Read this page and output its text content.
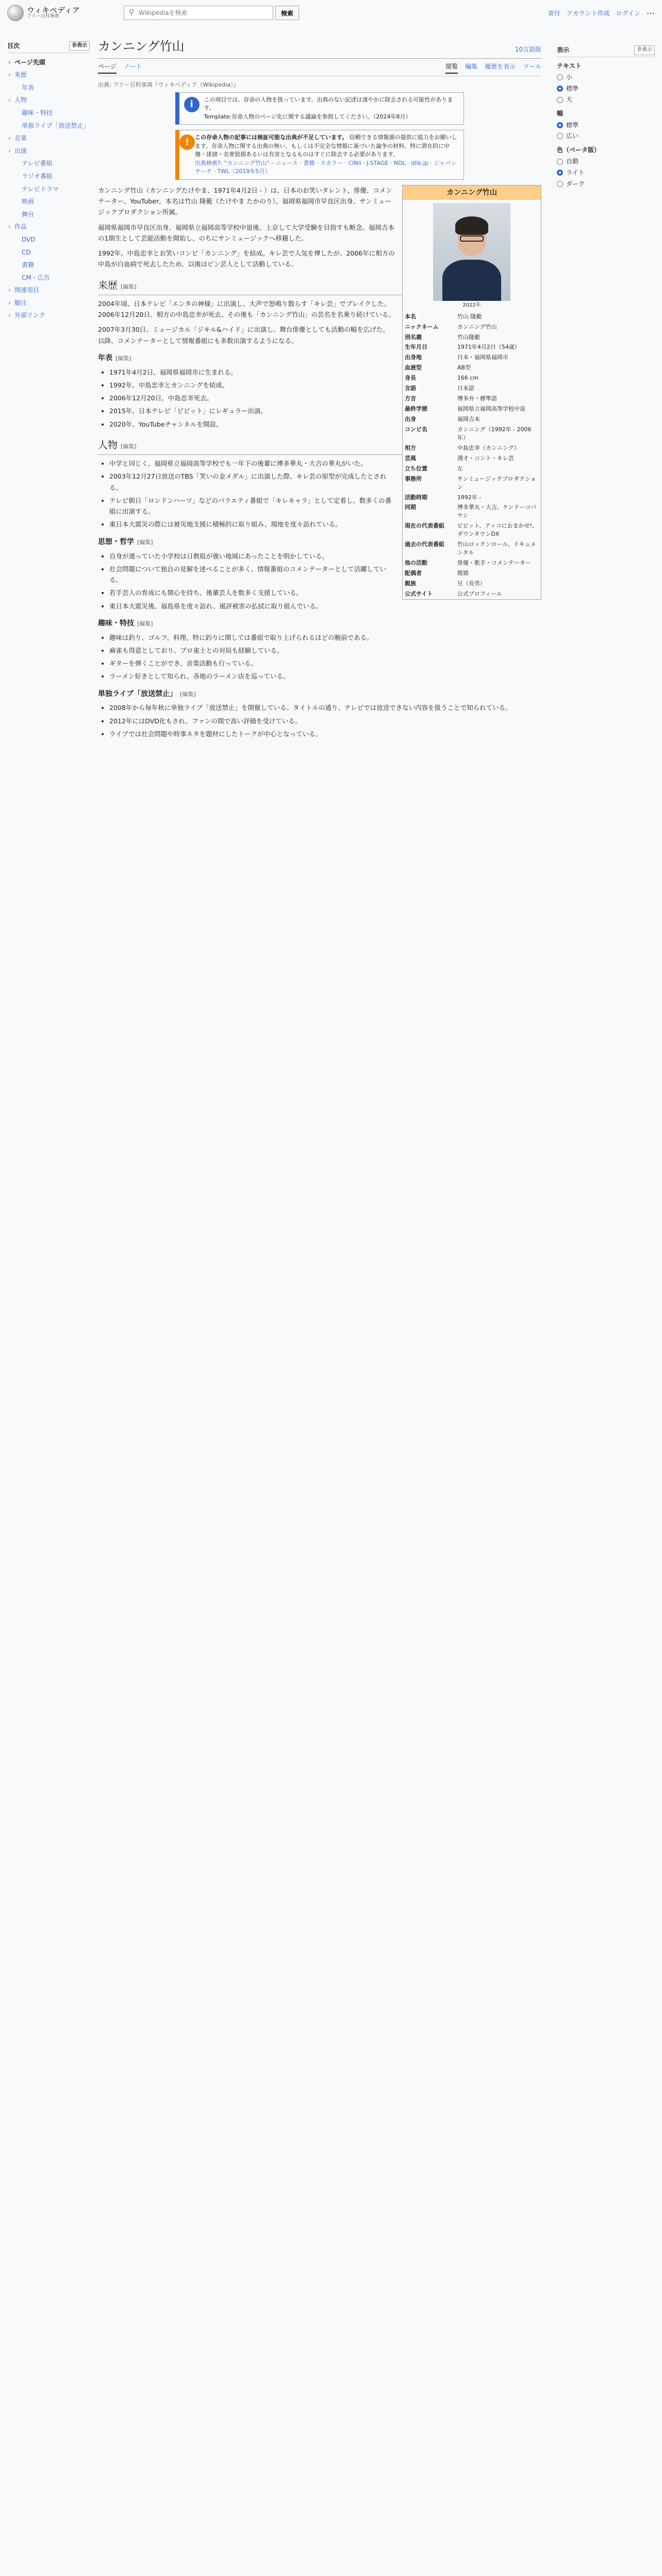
ウィキペディア
フリー百科事典
⚲
Wikipediaを検索	検索	寄付 アカウント作成 ログイン ⋯
目次	非表示
› ページ先頭
› 来歴
年表
› 人物
趣味・特技
単独ライブ「放送禁止」
› 音楽
› 出演
テレビ番組
ラジオ番組
テレビドラマ
映画
舞台
› 作品
DVD
CD
書籍
CM・広告
› 関連項目
› 脚注
› 外部リンク
カンニング竹山	10言語版
ページ ノート	閲覧 編集 履歴を表示 ツール
出典: フリー百科事典『ウィキペディア（Wikipedia）』
i	この項目では、存命の人物を扱っています。出典のない記述は速やかに除去される可能性があります。
Template:存命人物のページ化に関する議論を参照してください。（2024年8月）
! この存命人物の記事には検証可能な出典が不足しています。 信頼できる情報源の提供に協力をお願いします。存命人物に関する出典の無い、もしくは不完全な情報に基づいた論争の材料、特に潜在的に中傷・誹謗・名誉毀損あるいは有害となるものはすぐに除去する必要があります。
出典検索?: "カンニング竹山" – ニュース · 書籍 · スカラー · CiNii · J-STAGE · NDL · dlib.jp · ジャパンサーチ · TWL（2019年5月）
カンニング竹山
2022年
本名	竹山 隆範
ニックネーム	カンニング竹山
別名義	竹山隆範
生年月日	1971年4月2日（54歳）
出身地	日本・福岡県福岡市
血液型	AB型
身長	166 cm
言語	日本語
方言	博多弁・標準語
最終学歴	福岡県立福岡高等学校中退
出身	福岡吉本
コンビ名	カンニング（1992年 - 2006年）
相方	中島忠幸（カンニング）
芸風	漫才・コント・キレ芸
立ち位置	左
事務所	サンミュージックプロダクション
活動時期	1992年 -
同期	博多華丸・大吉、ケンドーコバヤシ
現在の代表番組	ビビット、アッコにおまかせ!、ダウンタウンDX
過去の代表番組	竹山ロックンロール、ドキュメンタル
他の活動	俳優・歌手・コメンテーター
配偶者	既婚
親族	兄（長男）
公式サイト	公式プロフィール

カンニング竹山（カンニングたけやま、1971年4月2日 - ）は、日本のお笑いタレント、俳優、コメンテーター、YouTuber。本名は竹山 隆範（たけやま たかのり）。福岡県福岡市早良区出身。サンミュージックプロダクション所属。

福岡県福岡市早良区出身。福岡県立福岡高等学校中退後、上京して大学受験を目指すも断念。福岡吉本の1期生として芸能活動を開始し、のちにサンミュージックへ移籍した。

1992年、中島忠幸とお笑いコンビ「カンニング」を結成。キレ芸で人気を博したが、2006年に相方の中島が白血病で死去したため、以後はピン芸人として活動している。

来歴 [編集]

2004年頃、日本テレビ「エンタの神様」に出演し、大声で怒鳴り散らす「キレ芸」でブレイクした。2006年12月20日、相方の中島忠幸が死去。その後も「カンニング竹山」の芸名を名乗り続けている。

2007年3月30日、ミュージカル「ジキル&ハイド」に出演し、舞台俳優としても活動の幅を広げた。以降、コメンテーターとして情報番組にも多数出演するようになる。

年表 [編集]
• 1971年4月2日、福岡県福岡市に生まれる。
• 1992年、中島忠幸とカンニングを結成。
• 2006年12月20日、中島忠幸死去。
• 2015年、日本テレビ「ビビット」にレギュラー出演。
• 2020年、YouTubeチャンネルを開設。
人物 [編集]
• 中学と同じく、福岡県立福岡高等学校でも一年下の後輩に博多華丸・大吉の華丸がいた。
• 2003年12月27日放送のTBS「笑いの金メダル」に出演した際、キレ芸の原型が完成したとされる。
• テレビ朝日「ロンドンハーツ」などのバラエティ番組で「キレキャラ」として定着し、数多くの番組に出演する。
• 東日本大震災の際には被災地支援に積極的に取り組み、現地を度々訪れている。
思想・哲学 [編集]
• 自身が通っていた小学校は日教組が強い地域にあったことを明かしている。
• 社会問題について独自の見解を述べることが多く、情報番組のコメンテーターとして活躍している。
• 若手芸人の育成にも関心を持ち、後輩芸人を数多く支援している。
• 東日本大震災後、福島県を度々訪れ、風評被害の払拭に取り組んでいる。
趣味・特技 [編集]
• 趣味は釣り、ゴルフ、料理。特に釣りに関しては番組で取り上げられるほどの腕前である。
• 麻雀も得意としており、プロ雀士との対局も経験している。
• ギターを弾くことができ、音楽活動も行っている。
• ラーメン好きとして知られ、各地のラーメン店を巡っている。
単独ライブ「放送禁止」 [編集]
• 2008年から毎年秋に単独ライブ「放送禁止」を開催している。タイトルの通り、テレビでは放送できない内容を扱うことで知られている。
• 2012年にはDVD化もされ、ファンの間で高い評価を受けている。
• ライブでは社会問題や時事ネタを題材にしたトークが中心となっている。
表示	非表示
テキスト
小
標準
大
幅
標準
広い
色（ベータ版）
自動
ライト
ダーク
